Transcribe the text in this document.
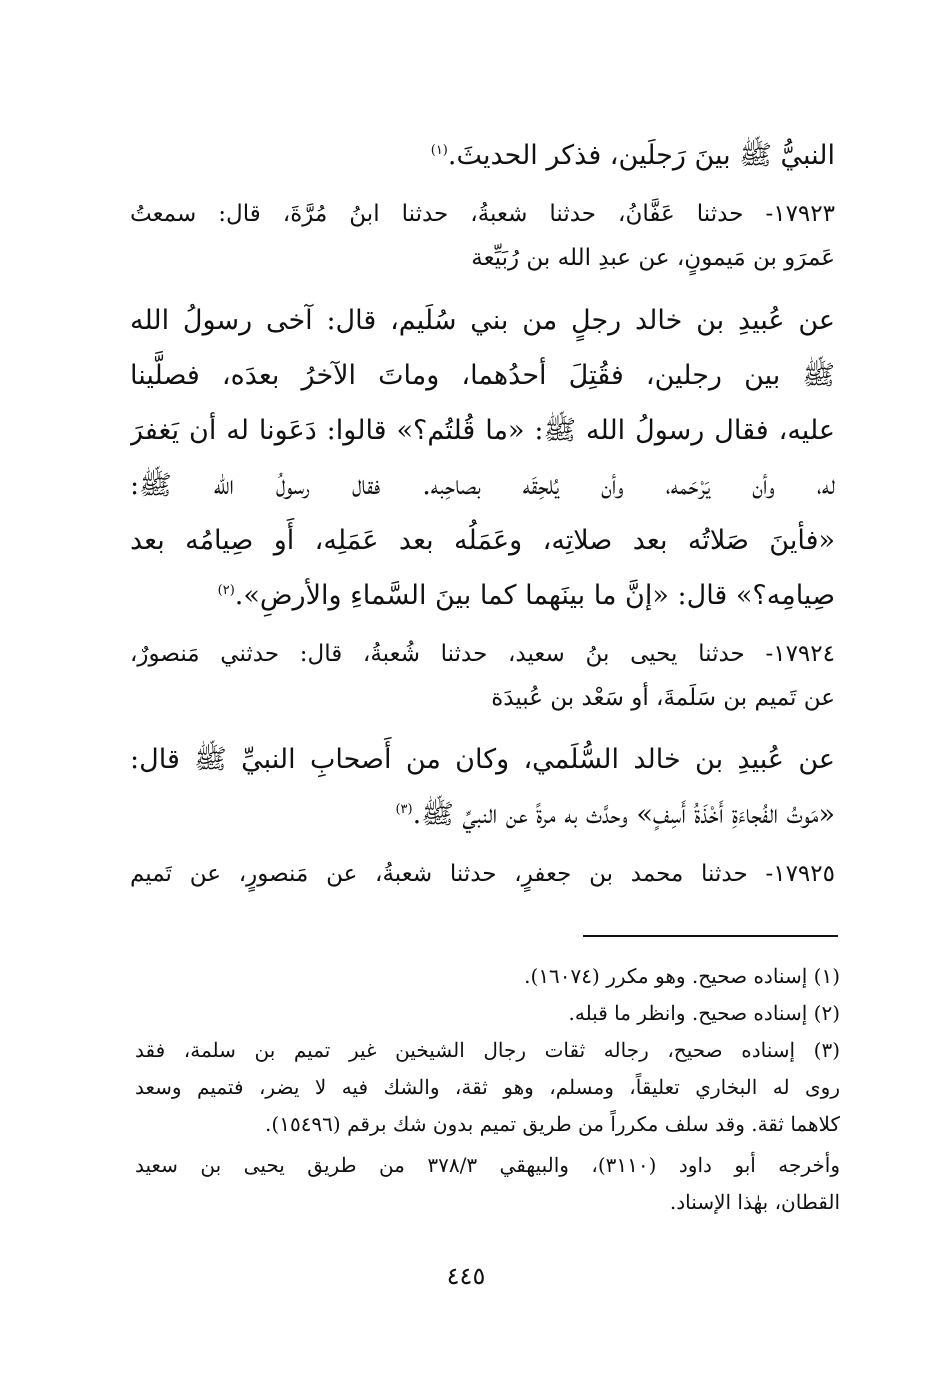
النبيُّ ﷺ بينَ رَجلَين، فذكر الحديثَ.$^{(١)}$
١٧٩٢٣- حدثنا عَفَّانُ، حدثنا شعبةُ، حدثنا ابنُ مُرَّةَ، قال: سمعتُ
عَمرَو بن مَيمونٍ، عن عبدِ الله بن رُبَيِّعة
عن عُبيدِ بن خالد رجلٍ من بني سُلَيم، قال: آخى رسولُ الله
ﷺ بين رجلين، فقُتِلَ أحدُهما، وماتَ الآخرُ بعدَه، فصلَّينا
عليه، فقال رسولُ الله ﷺ: «ما قُلتُم؟» قالوا: دَعَونا له أن يَغفرَ
له، وأن يَرْحَمه، وأن يُلحِقَه بصاحِبه. فقال رسولُ الله ﷺ:
«فأينَ صَلاتُه بعد صلاتِه، وعَمَلُه بعد عَمَلِه، أَو صِيامُه بعد
صِيامِه؟» قال: «إنَّ ما بينَهما كما بينَ السَّماءِ والأرضِ».$^{(٢)}$
١٧٩٢٤- حدثنا يحيى بنُ سعيد، حدثنا شُعبةُ، قال: حدثني مَنصورٌ،
عن تَميم بن سَلَمةَ، أو سَعْد بن عُبيدَة
عن عُبيدِ بن خالد السُّلَمي، وكان من أَصحابِ النبيِّ ﷺ قال:
«مَوتُ الفُجاءَةِ أَخْذَةُ أَسِفٍ» وحدَّث به مرةً عن النبيِّ ﷺ.$^{(٣)}$
١٧٩٢٥- حدثنا محمد بن جعفرٍ، حدثنا شعبةُ، عن مَنصورٍ، عن تَميم
(١) إسناده صحيح. وهو مكرر (١٦٠٧٤).
(٢) إسناده صحيح. وانظر ما قبله.
(٣) إسناده صحيح، رجاله ثقات رجال الشيخين غير تميم بن سلمة، فقد
روى له البخاري تعليقاً، ومسلم، وهو ثقة، والشك فيه لا يضر، فتميم وسعد
كلاهما ثقة. وقد سلف مكرراً من طريق تميم بدون شك برقم (١٥٤٩٦).
وأخرجه أبو داود (٣١١٠)، والبيهقي ٣٧٨/٣ من طريق يحيى بن سعيد
القطان، بهٰذا الإسناد.
٤٤٥
